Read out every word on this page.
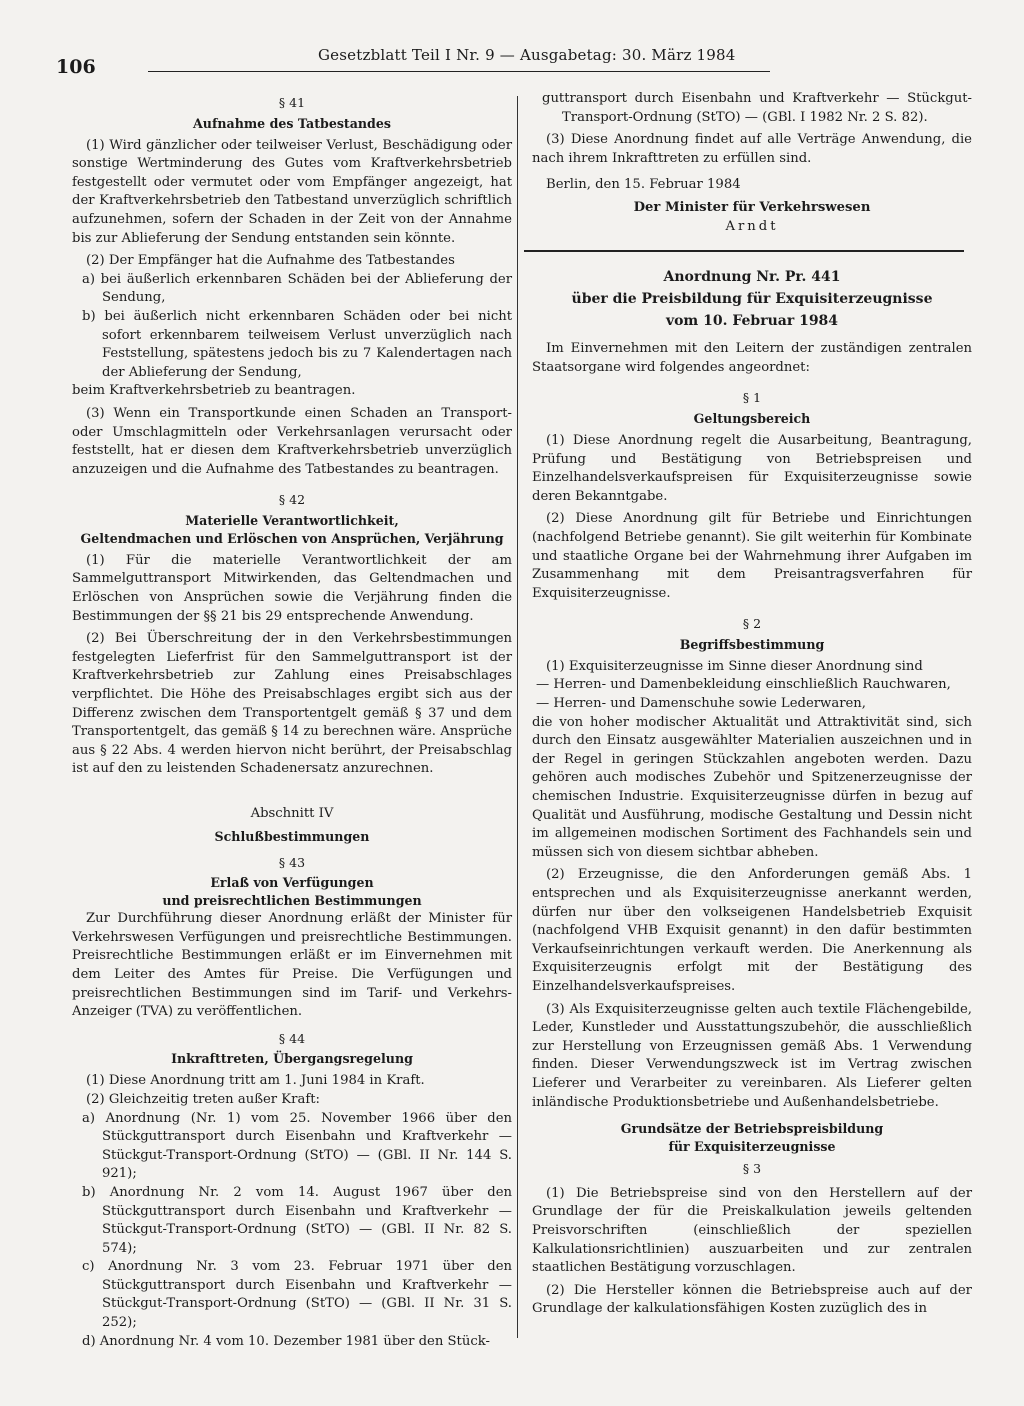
106
Gesetzblatt Teil I Nr. 9 — Ausgabetag: 30. März 1984
§ 41
Aufnahme des Tatbestandes

(1) Wird gänzlicher oder teilweiser Verlust, Beschädigung oder sonstige Wertminderung des Gutes vom Kraftverkehrsbetrieb festgestellt oder vermutet oder vom Empfänger angezeigt, hat der Kraftverkehrsbetrieb den Tatbestand unverzüglich schriftlich aufzunehmen, sofern der Schaden in der Zeit von der Annahme bis zur Ablieferung der Sendung entstanden sein könnte.

(2) Der Empfänger hat die Aufnahme des Tatbestandes

a) bei äußerlich erkennbaren Schäden bei der Ablieferung der Sendung,

b) bei äußerlich nicht erkennbaren Schäden oder bei nicht sofort erkennbarem teilweisem Verlust unverzüglich nach Feststellung, spätestens jedoch bis zu 7 Kalendertagen nach der Ablieferung der Sendung,

beim Kraftverkehrsbetrieb zu beantragen.

(3) Wenn ein Transportkunde einen Schaden an Transport- oder Umschlagmitteln oder Verkehrsanlagen verursacht oder feststellt, hat er diesen dem Kraftverkehrsbetrieb unverzüglich anzuzeigen und die Aufnahme des Tatbestandes zu beantragen.

§ 42
Materielle Verantwortlichkeit,
Geltendmachen und Erlöschen von Ansprüchen, Verjährung

(1) Für die materielle Verantwortlichkeit der am Sammelguttransport Mitwirkenden, das Geltendmachen und Erlöschen von Ansprüchen sowie die Verjährung finden die Bestimmungen der §§ 21 bis 29 entsprechende Anwendung.

(2) Bei Überschreitung der in den Verkehrsbestimmungen festgelegten Lieferfrist für den Sammelguttransport ist der Kraftverkehrsbetrieb zur Zahlung eines Preisabschlages verpflichtet. Die Höhe des Preisabschlages ergibt sich aus der Differenz zwischen dem Transportentgelt gemäß § 37 und dem Transportentgelt, das gemäß § 14 zu berechnen wäre. Ansprüche aus § 22 Abs. 4 werden hiervon nicht berührt, der Preisabschlag ist auf den zu leistenden Schadenersatz anzurechnen.

Abschnitt IV
Schlußbestimmungen
§ 43
Erlaß von Verfügungen
und preisrechtlichen Bestimmungen

Zur Durchführung dieser Anordnung erläßt der Minister für Verkehrswesen Verfügungen und preisrechtliche Bestimmungen. Preisrechtliche Bestimmungen erläßt er im Einvernehmen mit dem Leiter des Amtes für Preise. Die Verfügungen und preisrechtlichen Bestimmungen sind im Tarif- und Verkehrs-Anzeiger (TVA) zu veröffentlichen.

§ 44
Inkrafttreten, Übergangsregelung

(1) Diese Anordnung tritt am 1. Juni 1984 in Kraft.

(2) Gleichzeitig treten außer Kraft:

a) Anordnung (Nr. 1) vom 25. November 1966 über den Stückguttransport durch Eisenbahn und Kraftverkehr — Stückgut-Transport-Ordnung (StTO) — (GBl. II Nr. 144 S. 921);

b) Anordnung Nr. 2 vom 14. August 1967 über den Stückguttransport durch Eisenbahn und Kraftverkehr — Stückgut-Transport-Ordnung (StTO) — (GBl. II Nr. 82 S. 574);

c) Anordnung Nr. 3 vom 23. Februar 1971 über den Stückguttransport durch Eisenbahn und Kraftverkehr — Stückgut-Transport-Ordnung (StTO) — (GBl. II Nr. 31 S. 252);

d) Anordnung Nr. 4 vom 10. Dezember 1981 über den Stück-

guttransport durch Eisenbahn und Kraftverkehr — Stückgut-Transport-Ordnung (StTO) — (GBl. I 1982 Nr. 2 S. 82).

(3) Diese Anordnung findet auf alle Verträge Anwendung, die nach ihrem Inkrafttreten zu erfüllen sind.

Berlin, den 15. Februar 1984

Der Minister für Verkehrswesen
Arndt
Anordnung Nr. Pr. 441
über die Preisbildung für Exquisiterzeugnisse
vom 10. Februar 1984

Im Einvernehmen mit den Leitern der zuständigen zentralen Staatsorgane wird folgendes angeordnet:

§ 1
Geltungsbereich

(1) Diese Anordnung regelt die Ausarbeitung, Beantragung, Prüfung und Bestätigung von Betriebspreisen und Einzelhandelsverkaufspreisen für Exquisiterzeugnisse sowie deren Bekanntgabe.

(2) Diese Anordnung gilt für Betriebe und Einrichtungen (nachfolgend Betriebe genannt). Sie gilt weiterhin für Kombinate und staatliche Organe bei der Wahrnehmung ihrer Aufgaben im Zusammenhang mit dem Preisantragsverfahren für Exquisiterzeugnisse.

§ 2
Begriffsbestimmung

(1) Exquisiterzeugnisse im Sinne dieser Anordnung sind

— Herren- und Damenbekleidung einschließlich Rauchwaren,

— Herren- und Damenschuhe sowie Lederwaren,

die von hoher modischer Aktualität und Attraktivität sind, sich durch den Einsatz ausgewählter Materialien auszeichnen und in der Regel in geringen Stückzahlen angeboten werden. Dazu gehören auch modisches Zubehör und Spitzenerzeugnisse der chemischen Industrie. Exquisiterzeugnisse dürfen in bezug auf Qualität und Ausführung, modische Gestaltung und Dessin nicht im allgemeinen modischen Sortiment des Fachhandels sein und müssen sich von diesem sichtbar abheben.

(2) Erzeugnisse, die den Anforderungen gemäß Abs. 1 entsprechen und als Exquisiterzeugnisse anerkannt werden, dürfen nur über den volkseigenen Handelsbetrieb Exquisit (nachfolgend VHB Exquisit genannt) in den dafür bestimmten Verkaufseinrichtungen verkauft werden. Die Anerkennung als Exquisiterzeugnis erfolgt mit der Bestätigung des Einzelhandelsverkaufspreises.

(3) Als Exquisiterzeugnisse gelten auch textile Flächengebilde, Leder, Kunstleder und Ausstattungszubehör, die ausschließlich zur Herstellung von Erzeugnissen gemäß Abs. 1 Verwendung finden. Dieser Verwendungszweck ist im Vertrag zwischen Lieferer und Verarbeiter zu vereinbaren. Als Lieferer gelten inländische Produktionsbetriebe und Außenhandelsbetriebe.

Grundsätze der Betriebspreisbildung
für Exquisiterzeugnisse
§ 3

(1) Die Betriebspreise sind von den Herstellern auf der Grundlage der für die Preiskalkulation jeweils geltenden Preisvorschriften (einschließlich der speziellen Kalkulationsrichtlinien) auszuarbeiten und zur zentralen staatlichen Bestätigung vorzuschlagen.

(2) Die Hersteller können die Betriebspreise auch auf der Grundlage der kalkulationsfähigen Kosten zuzüglich des in
